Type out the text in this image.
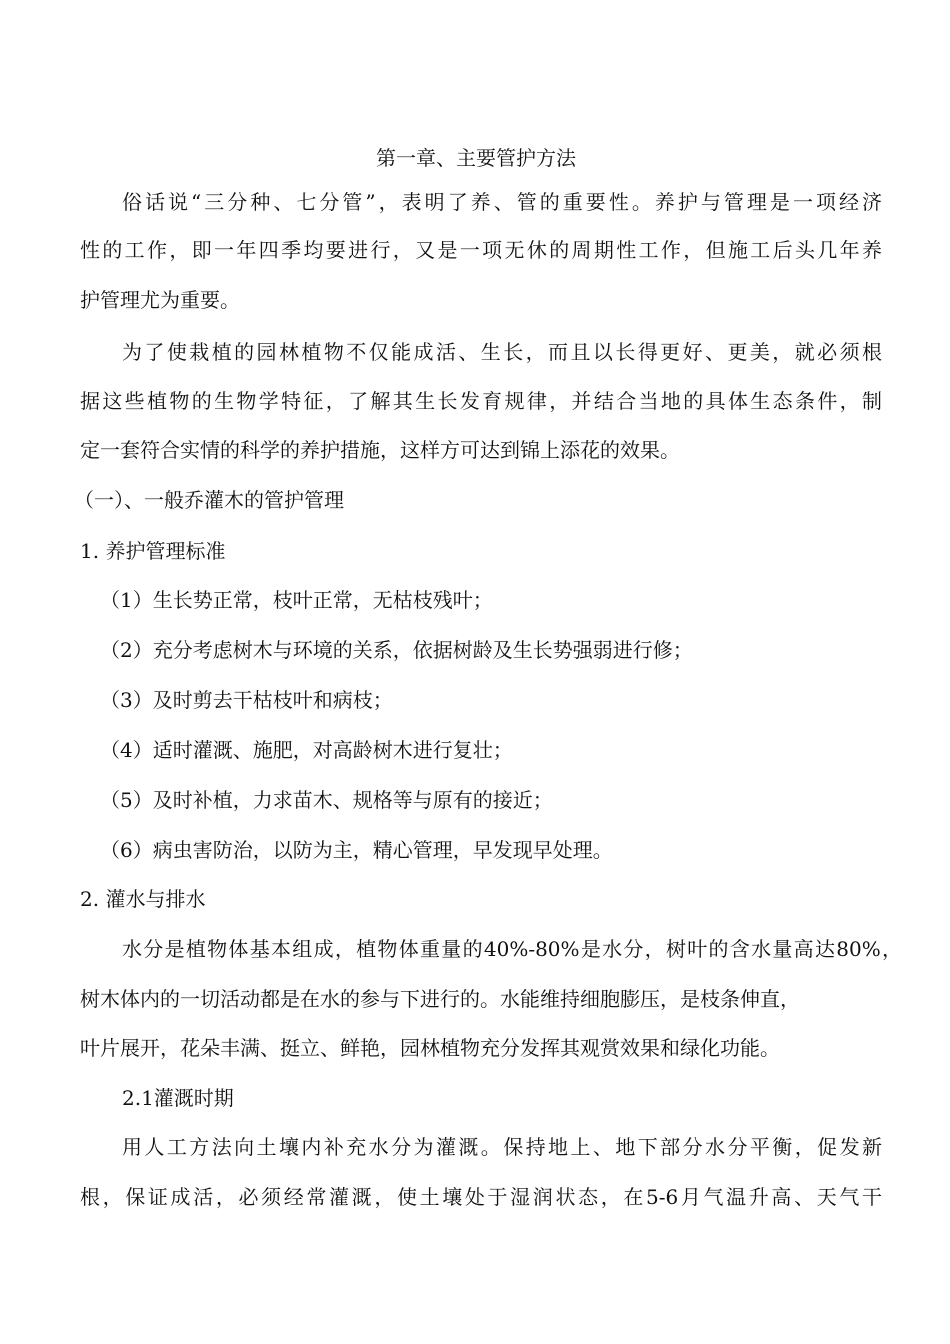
第一章、主要管护方法
俗话说“三分种、七分管”，表明了养、管的重要性。养护与管理是一项经济
性的工作，即一年四季均要进行，又是一项无休的周期性工作，但施工后头几年养
护管理尤为重要。
为了使栽植的园林植物不仅能成活、生长，而且以长得更好、更美，就必须根
据这些植物的生物学特征，了解其生长发育规律，并结合当地的具体生态条件，制
定一套符合实情的科学的养护措施，这样方可达到锦上添花的效果。
（一）、一般乔灌木的管护管理
1. 养护管理标准
（1）生长势正常，枝叶正常，无枯枝残叶；
（2）充分考虑树木与环境的关系，依据树龄及生长势强弱进行修；
（3）及时剪去干枯枝叶和病枝；
（4）适时灌溉、施肥，对高龄树木进行复壮；
（5）及时补植，力求苗木、规格等与原有的接近；
（6）病虫害防治，以防为主，精心管理，早发现早处理。
2. 灌水与排水
水分是植物体基本组成，植物体重量的40%-80%是水分，树叶的含水量高达80%，
树木体内的一切活动都是在水的参与下进行的。水能维持细胞膨压，是枝条伸直，
叶片展开，花朵丰满、挺立、鲜艳，园林植物充分发挥其观赏效果和绿化功能。
2.1灌溉时期
用人工方法向土壤内补充水分为灌溉。保持地上、地下部分水分平衡，促发新
根，保证成活，必须经常灌溉，使土壤处于湿润状态，在5-6月气温升高、天气干
